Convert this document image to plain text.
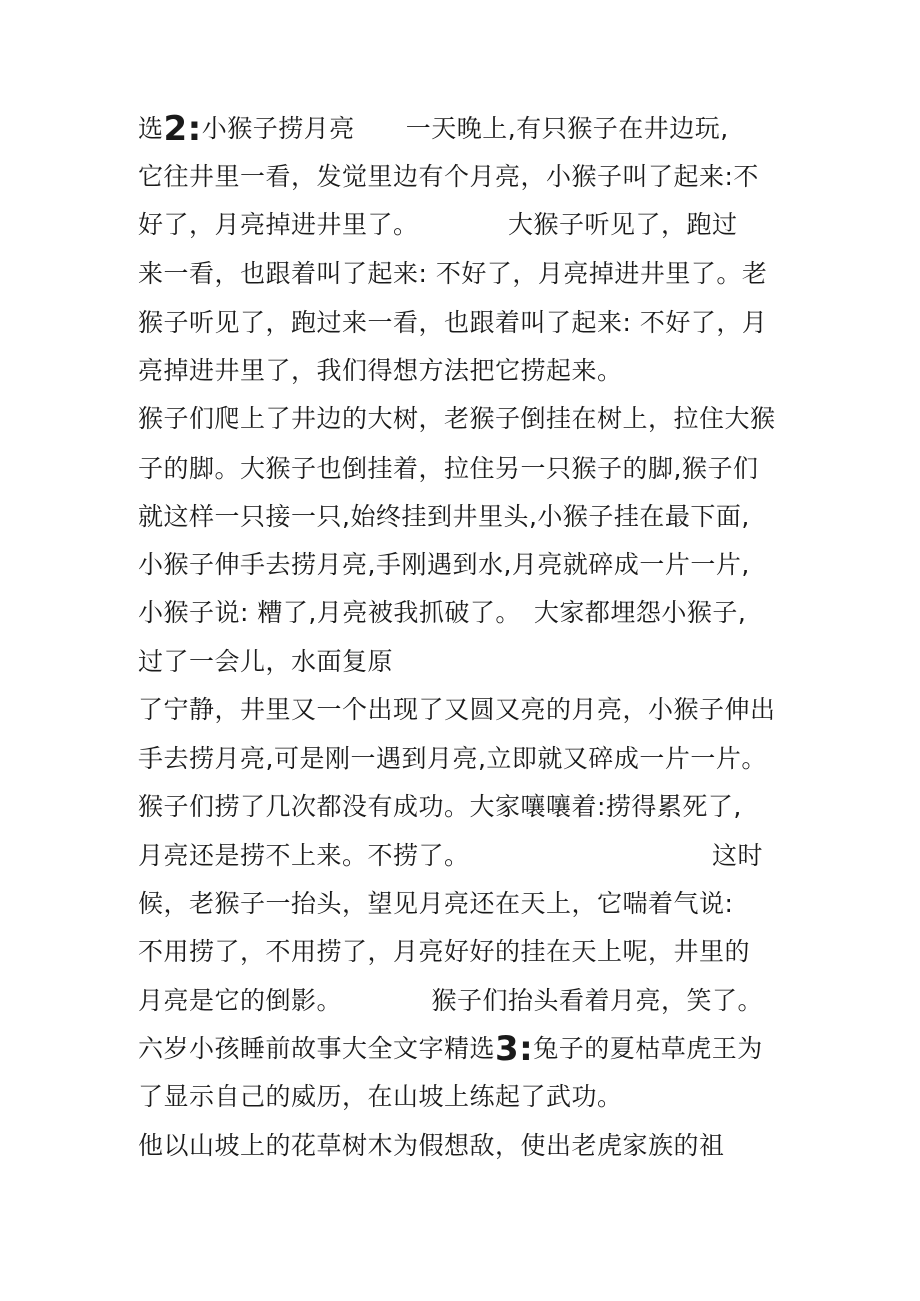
选2:小猴子捞月亮　　一天晚上,有只猴子在井边玩,
它往井里一看，发觉里边有个月亮，小猴子叫了起来:不
好了，月亮掉进井里了。　　　　大猴子听见了，跑过
来一看，也跟着叫了起来: 不好了，月亮掉进井里了。老
猴子听见了，跑过来一看，也跟着叫了起来: 不好了，月
亮掉进井里了，我们得想方法把它捞起来。
猴子们爬上了井边的大树，老猴子倒挂在树上，拉住大猴
子的脚。大猴子也倒挂着，拉住另一只猴子的脚,猴子们
就这样一只接一只,始终挂到井里头,小猴子挂在最下面,
小猴子伸手去捞月亮,手刚遇到水,月亮就碎成一片一片,
小猴子说: 糟了,月亮被我抓破了。　大家都埋怨小猴子,
过了一会儿，水面复原
了宁静，井里又一个出现了又圆又亮的月亮，小猴子伸出
手去捞月亮,可是刚一遇到月亮,立即就又碎成一片一片。
猴子们捞了几次都没有成功。大家嚷嚷着:捞得累死了,
月亮还是捞不上来。不捞了。　　　　　　　　　　这时
候，老猴子一抬头，望见月亮还在天上，它喘着气说:
不用捞了，不用捞了，月亮好好的挂在天上呢，井里的
月亮是它的倒影。　　　　猴子们抬头看着月亮，笑了。
六岁小孩睡前故事大全文字精选3:兔子的夏枯草虎王为
了显示自己的威历，在山坡上练起了武功。
他以山坡上的花草树木为假想敌，使出老虎家族的祖
